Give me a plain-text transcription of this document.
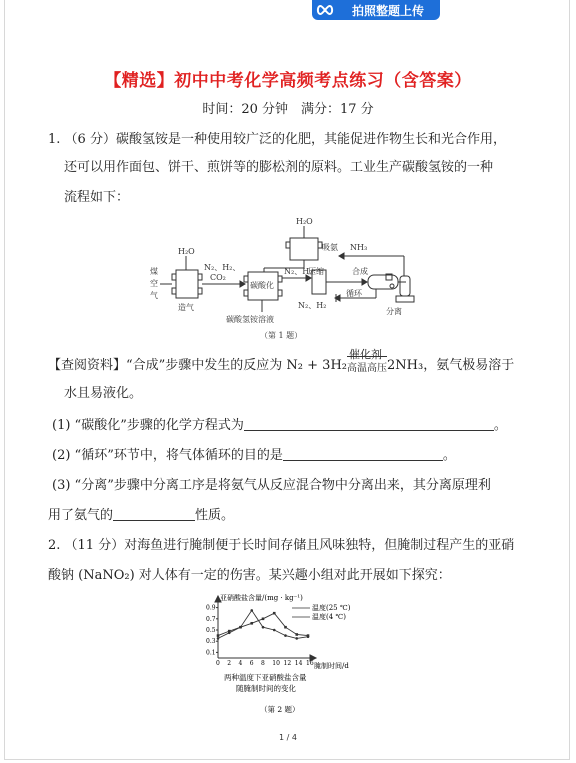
拍照整题上传
【精选】初中中考化学高频考点练习（含答案）
时间：20 分钟　满分：17 分
1. （6 分）碳酸氢铵是一种使用较广泛的化肥，其能促进作物生长和光合作用，
还可以用作面包、饼干、煎饼等的膨松剂的原料。工业生产碳酸氢铵的一种
流程如下：
H₂O
吸氨 NH₃
H₂O
煤
空
气
N₂、H₂、
CO₂
碳酸化
N₂、H₂
压缩	合成
循环
N₂、H₂
造气
碳酸氢铵溶液
分离
（第 1 题）
【查阅资料】“合成”步骤中发生的反应为 N₂ + 3H₂
催化剂
高温高压 2NH₃，氨气极易溶于
水且易液化。
(1) “碳酸化”步骤的化学方程式为	。
(2) “循环”环节中，将气体循环的目的是	。
(3) “分离”步骤中分离工序是将氨气从反应混合物中分离出来，其分离原理利
用了氨气的	性质。
2. （11 分）对海鱼进行腌制便于长时间存储且风味独特，但腌制过程产生的亚硝
酸钠 (NaNO₂) 对人体有一定的伤害。某兴趣小组对此开展如下探究：
亚硝酸盐含量/(mg · kg⁻¹)
腌制时间/d
0 2 4 6 8 10 12 14 16
0.1
0.3
0.5
0.7
0.9	温度(25 ℃)
温度(4 ℃)
两种温度下亚硝酸盐含量
随腌制时间的变化
（第 2 题）
1 / 4
